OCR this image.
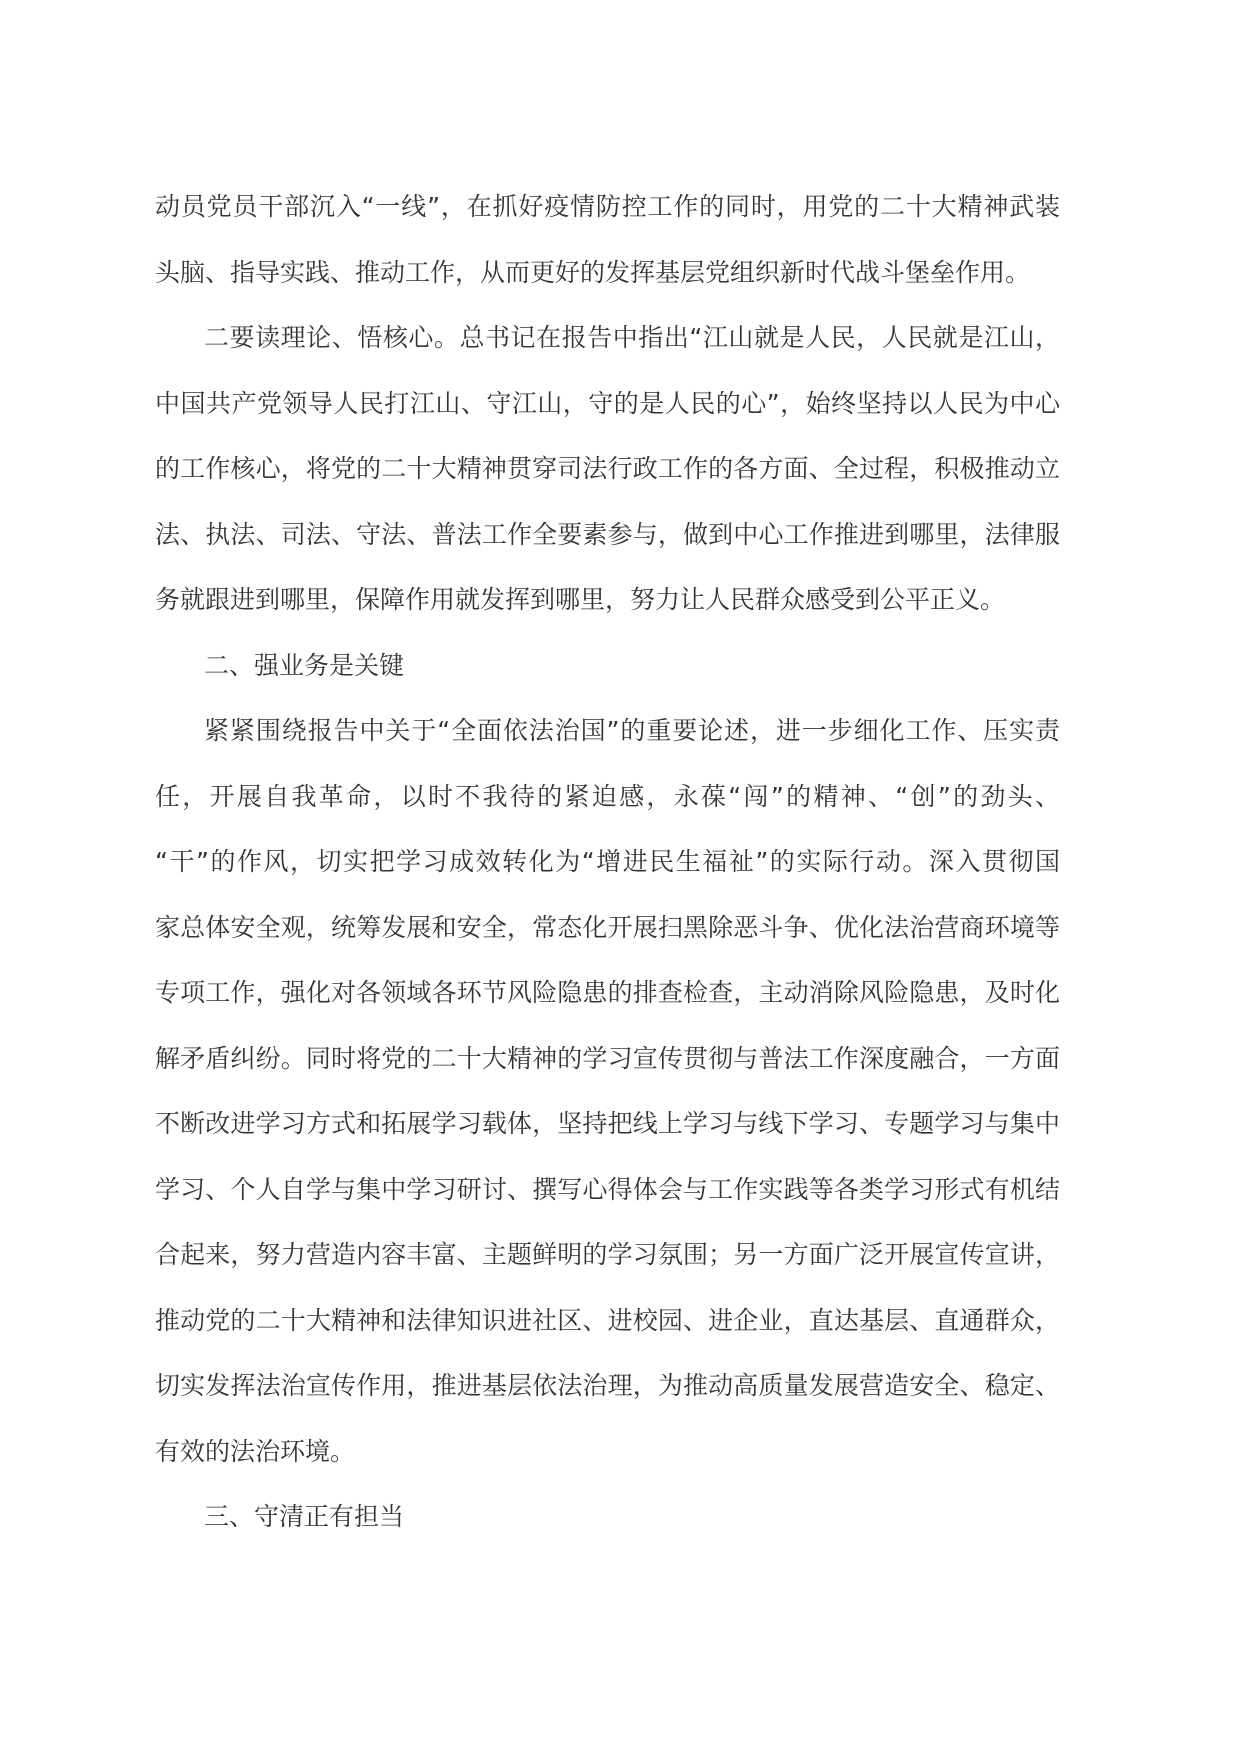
动员党员干部沉入“一线”，在抓好疫情防控工作的同时，用党的二十大精神武装
头脑、指导实践、推动工作，从而更好的发挥基层党组织新时代战斗堡垒作用。
二要读理论、悟核心。总书记在报告中指出“江山就是人民，人民就是江山，
中国共产党领导人民打江山、守江山，守的是人民的心”，始终坚持以人民为中心
的工作核心，将党的二十大精神贯穿司法行政工作的各方面、全过程，积极推动立
法、执法、司法、守法、普法工作全要素参与，做到中心工作推进到哪里，法律服
务就跟进到哪里，保障作用就发挥到哪里，努力让人民群众感受到公平正义。
二、强业务是关键
紧紧围绕报告中关于“全面依法治国”的重要论述，进一步细化工作、压实责
任，开展自我革命，以时不我待的紧迫感，永葆“闯”的精神、“创”的劲头、
“干”的作风，切实把学习成效转化为“增进民生福祉”的实际行动。深入贯彻国
家总体安全观，统筹发展和安全，常态化开展扫黑除恶斗争、优化法治营商环境等
专项工作，强化对各领域各环节风险隐患的排查检查，主动消除风险隐患，及时化
解矛盾纠纷。同时将党的二十大精神的学习宣传贯彻与普法工作深度融合，一方面
不断改进学习方式和拓展学习载体，坚持把线上学习与线下学习、专题学习与集中
学习、个人自学与集中学习研讨、撰写心得体会与工作实践等各类学习形式有机结
合起来，努力营造内容丰富、主题鲜明的学习氛围；另一方面广泛开展宣传宣讲，
推动党的二十大精神和法律知识进社区、进校园、进企业，直达基层、直通群众，
切实发挥法治宣传作用，推进基层依法治理，为推动高质量发展营造安全、稳定、
有效的法治环境。
三、守清正有担当
